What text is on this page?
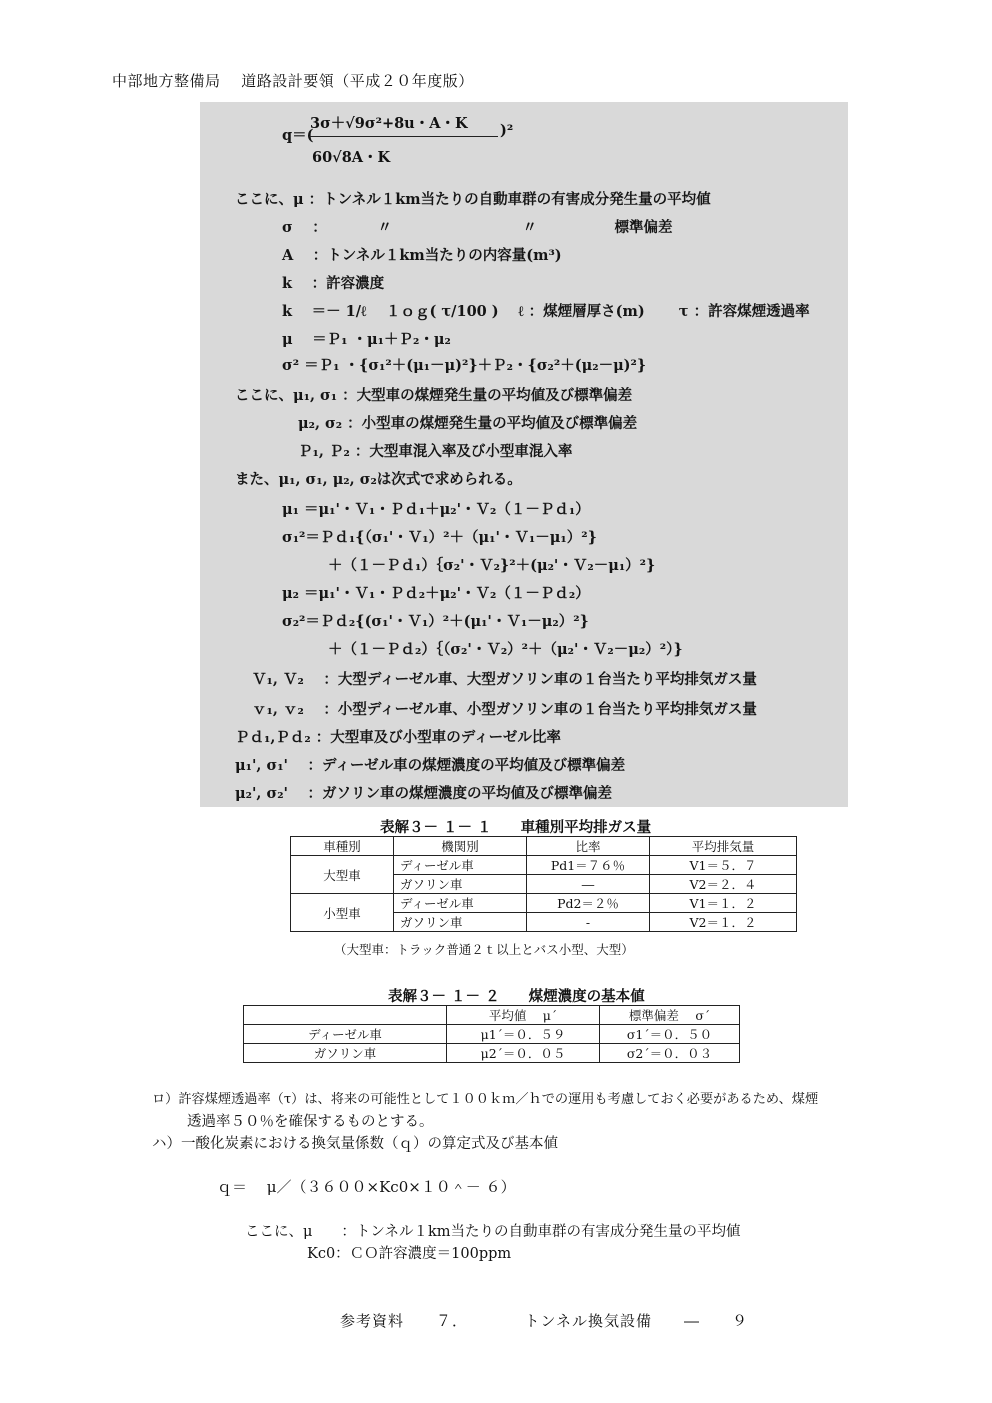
中部地方整備局　 道路設計要領（平成２０年度版）
q＝(
3σ＋√9σ²+8u・A・K
60√8A・K
)²
ここに、μ ：トンネル１km当たりの自動車群の有害成分発生量の平均値
σ　 ：　　　　〃　　　　　　　　　〃　　　　　 標準偏差
A　 ：トンネル１km当たりの内容量(m³)
k　 ：許容濃度
k　 ＝－ 1/ℓ 　１ｏｇ( τ/100 )　 ℓ ：煤煙層厚さ(m)　　 τ ：許容煤煙透過率
μ　 ＝Ｐ₁ ・μ₁＋Ｐ₂・μ₂
σ² ＝Ｐ₁ ・{σ₁²＋(μ₁－μ)²}＋Ｐ₂・{σ₂²＋(μ₂－μ)²}
ここに、μ₁, σ₁ ：大型車の煤煙発生量の平均値及び標準偏差
μ₂, σ₂ ：小型車の煤煙発生量の平均値及び標準偏差
Ｐ₁, Ｐ₂ ：大型車混入率及び小型車混入率
また、μ₁, σ₁, μ₂, σ₂は次式で求められる。
μ₁ ＝μ₁'・Ｖ₁・Ｐｄ₁＋μ₂'・Ｖ₂（１－Ｐｄ₁）
σ₁²＝Ｐｄ₁{（σ₁'・Ｖ₁）²＋（μ₁'・Ｖ₁－μ₁）²}
＋（１－Ｐｄ₁）｛σ₂'・Ｖ₂}²＋(μ₂'・Ｖ₂－μ₁）²}
μ₂ ＝μ₁'・Ｖ₁・Ｐｄ₂＋μ₂'・Ｖ₂（１－Ｐｄ₂）
σ₂²＝Ｐｄ₂{(σ₁'・Ｖ₁）²＋(μ₁'・Ｖ₁－μ₂）²}
＋（１－Ｐｄ₂）｛（σ₂'・Ｖ₂）²＋（μ₂'・Ｖ₂－μ₂）²）}
Ｖ₁, Ｖ₂ 　：大型ディーゼル車、大型ガソリン車の１台当たり平均排気ガス量
ｖ₁, ｖ₂ 　：小型ディーゼル車、小型ガソリン車の１台当たり平均排気ガス量
Ｐｄ₁,Ｐｄ₂ ：大型車及び小型車のディーゼル比率
μ₁', σ₁' 　：ディーゼル車の煤煙濃度の平均値及び標準偏差
μ₂', σ₂' 　：ガソリン車の煤煙濃度の平均値及び標準偏差
表解３－ １－ １　　車種別平均排ガス量
車種別	機関別	比率	平均排気量
大型車	ディーゼル車	Pd1＝７６％	V1＝５．７
	ガソリン車	―	V2＝２．４
小型車	ディーゼル車	Pd2＝２％	V1＝１．２
	ガソリン車	-	V2＝１．２
（大型車：トラック普通２ｔ以上とバス小型、大型）
表解３－ １－ ２　　煤煙濃度の基本値
	平均値　 μ´	標準偏差　 σ´
ディーゼル車	μ1´＝０．５９	σ1´＝０．５０
ガソリン車	μ2´＝０．０５	σ2´＝０．０３
ロ）許容煤煙透過率（τ）は、将来の可能性として１００ｋｍ／ｈでの運用も考慮しておく必要があるため、煤煙
透過率５０％を確保するものとする。
ハ）一酸化炭素における換気量係数（ｑ）の算定式及び基本値
ｑ＝　 μ／（３６００×Kc0×１０＾－ ６）
ここに、μ　　：トンネル１km当たりの自動車群の有害成分発生量の平均値
Kc0：ＣＯ許容濃度＝100ppm
参考資料　　７．　　　　トンネル換気設備　　―　　９
